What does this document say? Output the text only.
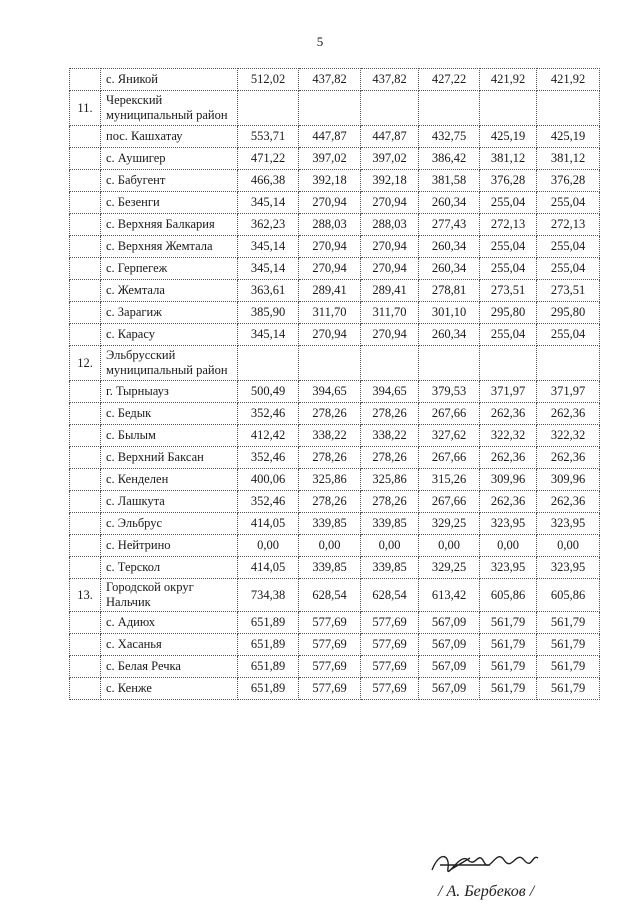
5
	с. Яникой	512,02	437,82	437,82	427,22	421,92	421,92
11.	Черекский муниципальный район						
	пос. Кашхатау	553,71	447,87	447,87	432,75	425,19	425,19
	с. Аушигер	471,22	397,02	397,02	386,42	381,12	381,12
	с. Бабугент	466,38	392,18	392,18	381,58	376,28	376,28
	с. Безенги	345,14	270,94	270,94	260,34	255,04	255,04
	с. Верхняя Балкария	362,23	288,03	288,03	277,43	272,13	272,13
	с. Верхняя Жемтала	345,14	270,94	270,94	260,34	255,04	255,04
	с. Герпегеж	345,14	270,94	270,94	260,34	255,04	255,04
	с. Жемтала	363,61	289,41	289,41	278,81	273,51	273,51
	с. Зарагиж	385,90	311,70	311,70	301,10	295,80	295,80
	с. Карасу	345,14	270,94	270,94	260,34	255,04	255,04
12.	Эльбрусский муниципальный район						
	г. Тырныауз	500,49	394,65	394,65	379,53	371,97	371,97
	с. Бедык	352,46	278,26	278,26	267,66	262,36	262,36
	с. Былым	412,42	338,22	338,22	327,62	322,32	322,32
	с. Верхний Баксан	352,46	278,26	278,26	267,66	262,36	262,36
	с. Кенделен	400,06	325,86	325,86	315,26	309,96	309,96
	с. Лашкута	352,46	278,26	278,26	267,66	262,36	262,36
	с. Эльбрус	414,05	339,85	339,85	329,25	323,95	323,95
	с. Нейтрино	0,00	0,00	0,00	0,00	0,00	0,00
	с. Терскол	414,05	339,85	339,85	329,25	323,95	323,95
13.	Городской округ Нальчик	734,38	628,54	628,54	613,42	605,86	605,86
	с. Адиюх	651,89	577,69	577,69	567,09	561,79	561,79
	с. Хасанья	651,89	577,69	577,69	567,09	561,79	561,79
	с. Белая Речка	651,89	577,69	577,69	567,09	561,79	561,79
	с. Кенже	651,89	577,69	577,69	567,09	561,79	561,79
/ А. Бербеков /
